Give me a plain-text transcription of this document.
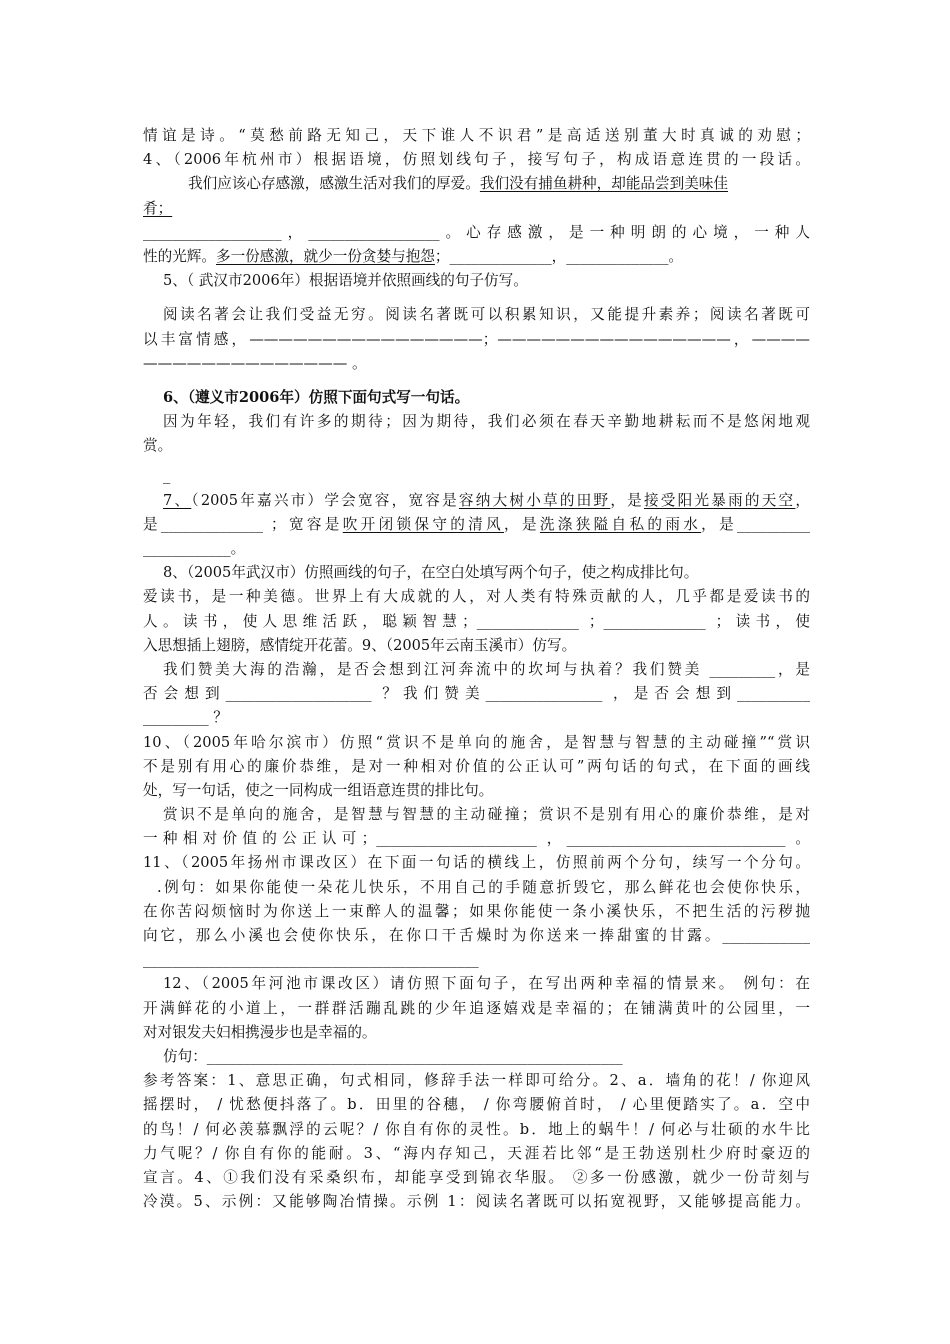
情谊是诗。“莫愁前路无知己，天下谁人不识君”是高适送别董大时真诚的劝慰；
4、（2006年杭州市）根据语境，仿照划线句子，接写句子，构成语意连贯的一段话。
我们应该心存感激，感激生活对我们的厚爱。我们没有捕鱼耕种，却能品尝到美味佳
肴；
___________________，__________________。心存感激，是一种明朗的心境，一种人
性的光辉。多一份感激，就少一份贪婪与抱怨；______________，______________。
5、（ 武汉市2006年）根据语境并依照画线的句子仿写。
阅读名著会让我们受益无穷。阅读名著既可以积累知识，又能提升素养；阅读名著既可
以丰富情感，————————————————；————————————————，————
—————————————— 。
6、（遵义市2006年）仿照下面句式写一句话。
因为年轻，我们有许多的期待；因为期待，我们必须在春天辛勤地耕耘而不是悠闲地观
赏。
_
7、（2005年嘉兴市）学会宽容，宽容是容纳大树小草的田野，是接受阳光暴雨的天空，
是______________ ；宽容是吹开闭锁保守的清风，是洗涤狭隘自私的雨水，是__________
____________。
8、（2005年武汉市）仿照画线的句子，在空白处填写两个句子，使之构成排比句。
爱读书，是一种美德。世界上有大成就的人，对人类有特殊贡献的人，几乎都是爱读书的
人。读书，使人思维活跃，聪颖智慧；______________ ；______________ ；读书，使
入思想插上翅膀，感情绽开花蕾。9、（2005年云南玉溪市）仿写。
我们赞美大海的浩瀚，是否会想到江河奔流中的坎坷与执着？我们赞美 _________，是
否会想到____________________ ？我们赞美________________ ，是否会想到__________
_________ ？
10、（2005年哈尔滨市）仿照“赏识不是单向的施舍，是智慧与智慧的主动碰撞”“赏识
不是别有用心的廉价恭维，是对一种相对价值的公正认可”两句话的句式，在下面的画线
处，写一句话，使之一同构成一组语意连贯的排比句。
赏识不是单向的施舍，是智慧与智慧的主动碰撞；赏识不是别有用心的廉价恭维，是对
一种相对价值的公正认可；______________________ ，______________________________ 。
11、（2005年扬州市课改区）在下面一句话的横线上，仿照前两个分句，续写一个分句。
.例句：如果你能使一朵花儿快乐，不用自己的手随意折毁它，那么鲜花也会使你快乐，
在你苦闷烦恼时为你送上一束醉人的温馨；如果你能使一条小溪快乐，不把生活的污秽抛
向它，那么小溪也会使你快乐，在你口干舌燥时为你送来一捧甜蜜的甘露。____________
______________________________________________
12、（2005年河池市课改区）请仿照下面句子，在写出两种幸福的情景来。 例句：在
开满鲜花的小道上，一群群活蹦乱跳的少年追逐嬉戏是幸福的；在铺满黄叶的公园里，一
对对银发夫妇相携漫步也是幸福的。
仿句：_________________________________________________________
参考答案：1、意思正确，句式相同，修辞手法一样即可给分。2、a．墙角的花！/ 你迎风
摇摆时， / 忧愁便抖落了。b．田里的谷穗， / 你弯腰俯首时， / 心里便踏实了。a．空中
的鸟！/ 何必羡慕飘浮的云呢？/ 你自有你的灵性。b．地上的蜗牛！/ 何必与壮硕的水牛比
力气呢？/ 你自有你的能耐。3、“海内存知己，天涯若比邻“是王勃送别杜少府时豪迈的
宣言。4、①我们没有采桑织布，却能享受到锦衣华服。 ②多一份感激，就少一份苛刻与
冷漠。5、示例：又能够陶冶情操。示例 1：阅读名著既可以拓宽视野，又能够提高能力。
